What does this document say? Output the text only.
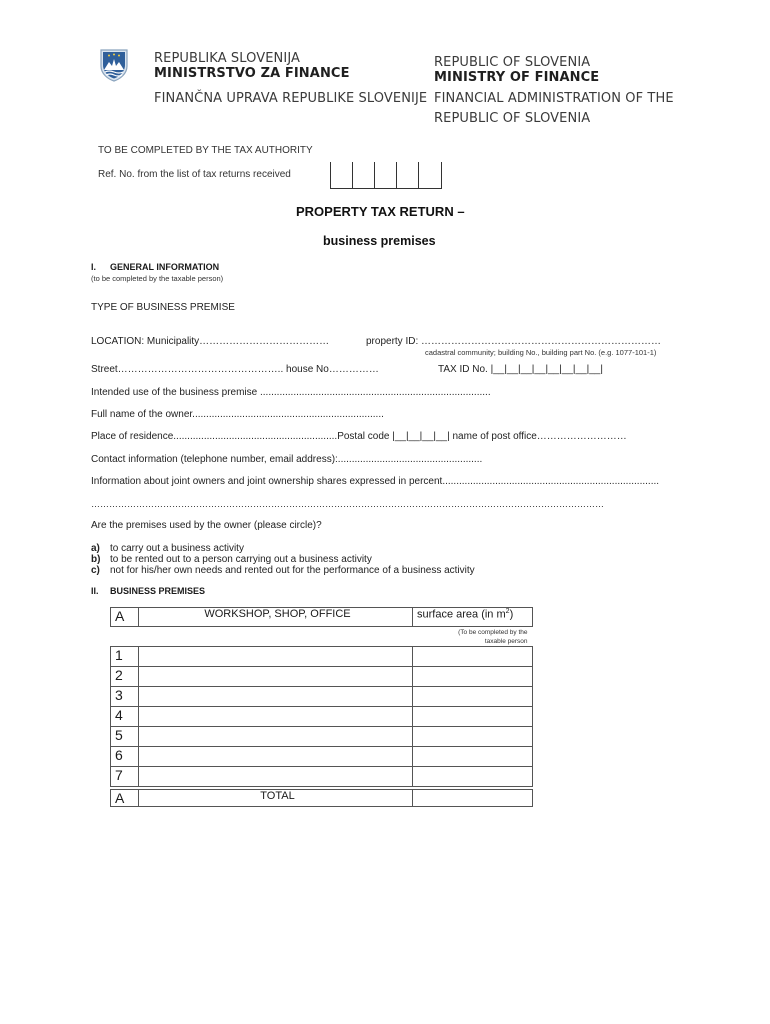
REPUBLIKA SLOVENIJA
MINISTRSTVO ZA FINANCE
FINANČNA UPRAVA REPUBLIKE SLOVENIJE
REPUBLIC OF SLOVENIA
MINISTRY OF FINANCE
FINANCIAL ADMINISTRATION OF THE
REPUBLIC OF SLOVENIA
TO BE COMPLETED BY THE TAX AUTHORITY
Ref. No. from the list of tax returns received
PROPERTY TAX RETURN –
business premises
I. GENERAL INFORMATION
(to be completed by the taxable person)
TYPE OF BUSINESS PREMISE
LOCATION: Municipality…………………………………	property ID: ………………………………………………………………
cadastral community; building No., building part No. (e.g. 1077-101-1)
Street………………………………………….. house No……………	TAX ID No. |__|__|__|__|__|__|__|__|
Intended use of the business premise ...................................................................................
Full name of the owner.....................................................................
Place of residence...........................................................Postal code |__|__|__|__| name of post office………………………
Contact information (telephone number, email address):....................................................
Information about joint owners and joint ownership shares expressed in percent..............................................................................
………………………………………………………………………………………………………………………………………………………
Are the premises used by the owner (please circle)?
a) to carry out a business activity
b) to be rented out to a person carrying out a business activity
c) not for his/her own needs and rented out for the performance of a business activity
II. BUSINESS PREMISES
A	WORKSHOP, SHOP, OFFICE	surface area (in $m^2$)

		(To be completed by the
taxable person

1		
2		
3		
4		
5		
6		
7		
A	TOTAL	
